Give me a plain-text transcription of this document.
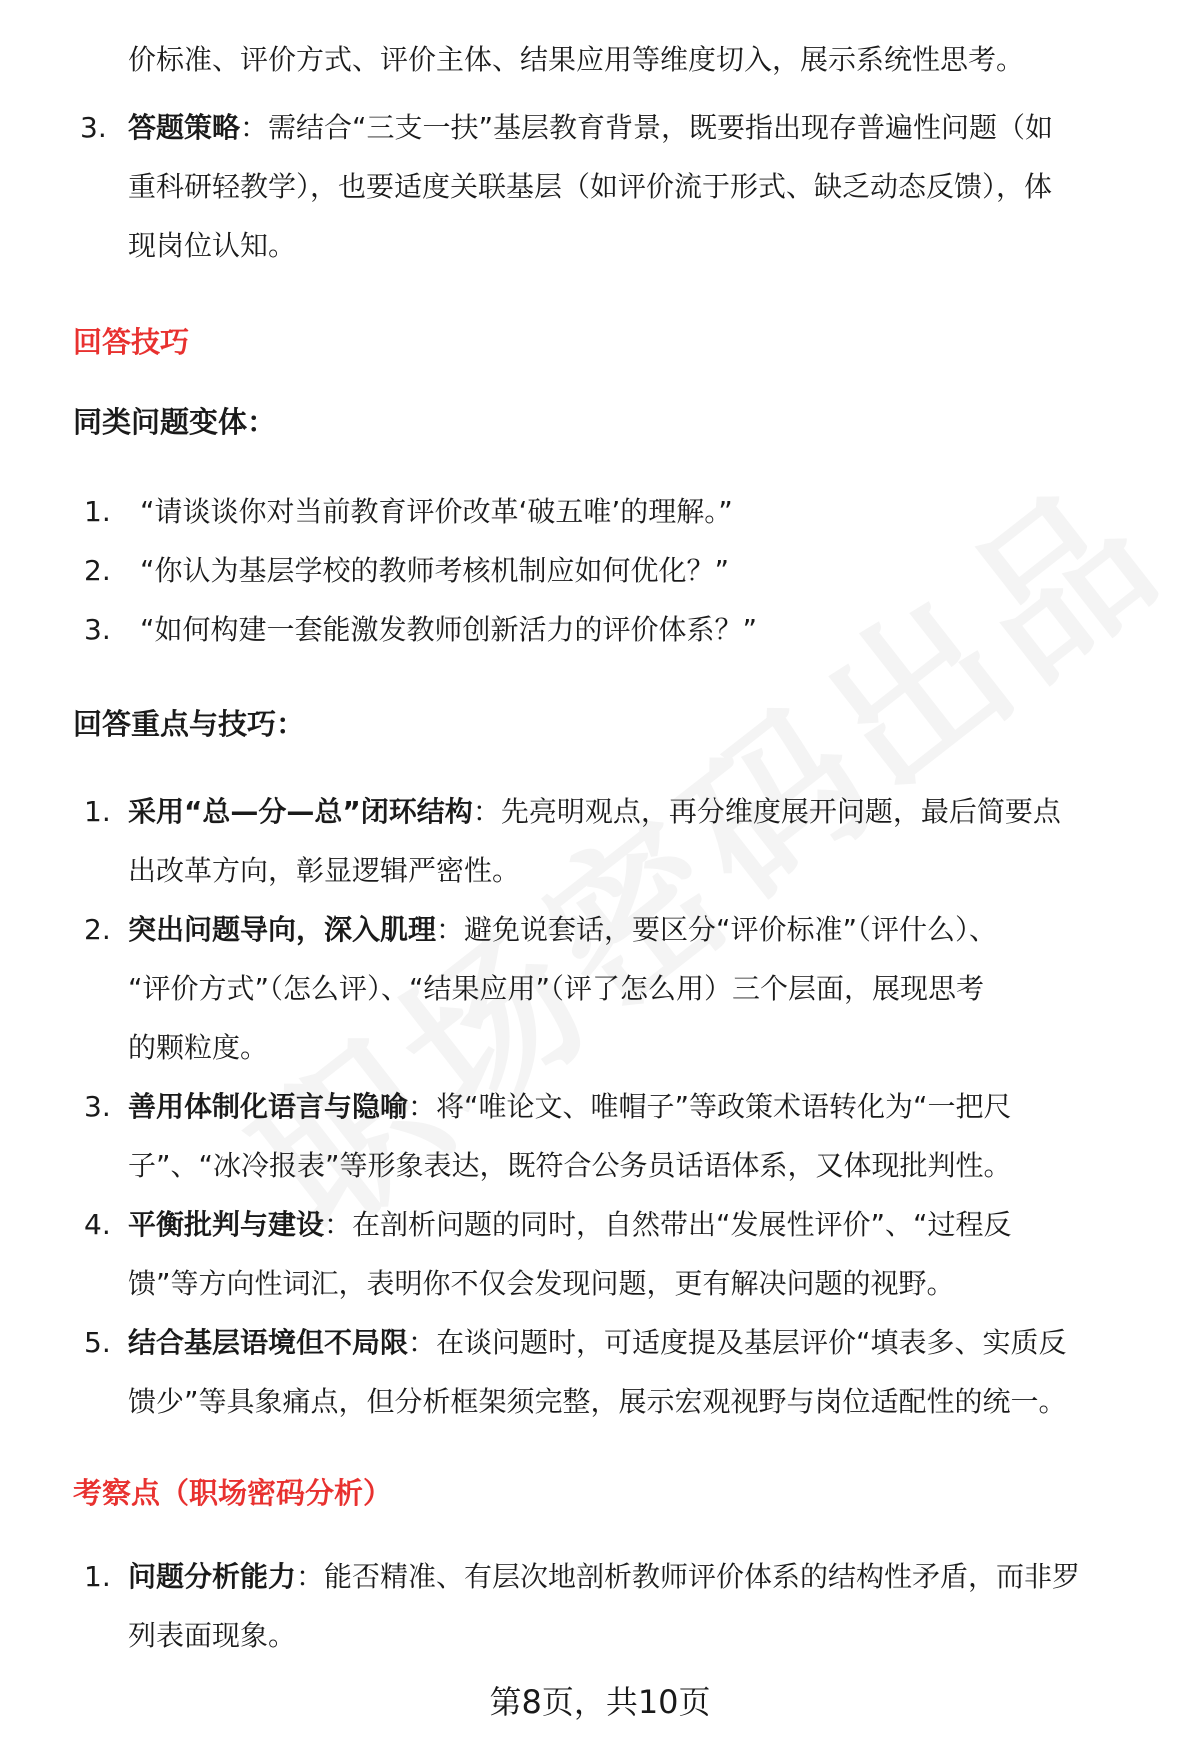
价标准、评价方式、评价主体、结果应用等维度切入，展示系统性思考。
3. 答题策略：需结合“三支一扶”基层教育背景，既要指出现存普遍性问题（如
重科研轻教学），也要适度关联基层（如评价流于形式、缺乏动态反馈），体
现岗位认知。
回答技巧
同类问题变体：
1. “请谈谈你对当前教育评价改革‘破五唯’的理解。”
2. “你认为基层学校的教师考核机制应如何优化？”
3. “如何构建一套能激发教师创新活力的评价体系？”
回答重点与技巧：
1. 采用“总—分—总”闭环结构：先亮明观点，再分维度展开问题，最后简要点
出改革方向，彰显逻辑严密性。
2. 突出问题导向，深入肌理：避免说套话，要区分“评价标准”（评什么）、
“评价方式”（怎么评）、“结果应用”（评了怎么用）三个层面，展现思考
的颗粒度。
3. 善用体制化语言与隐喻：将“唯论文、唯帽子”等政策术语转化为“一把尺
子”、“冰冷报表”等形象表达，既符合公务员话语体系，又体现批判性。
4. 平衡批判与建设：在剖析问题的同时，自然带出“发展性评价”、“过程反
馈”等方向性词汇，表明你不仅会发现问题，更有解决问题的视野。
5. 结合基层语境但不局限：在谈问题时，可适度提及基层评价“填表多、实质反
馈少”等具象痛点，但分析框架须完整，展示宏观视野与岗位适配性的统一。
考察点（职场密码分析）
1. 问题分析能力：能否精准、有层次地剖析教师评价体系的结构性矛盾，而非罗
列表面现象。
第8页，共10页
